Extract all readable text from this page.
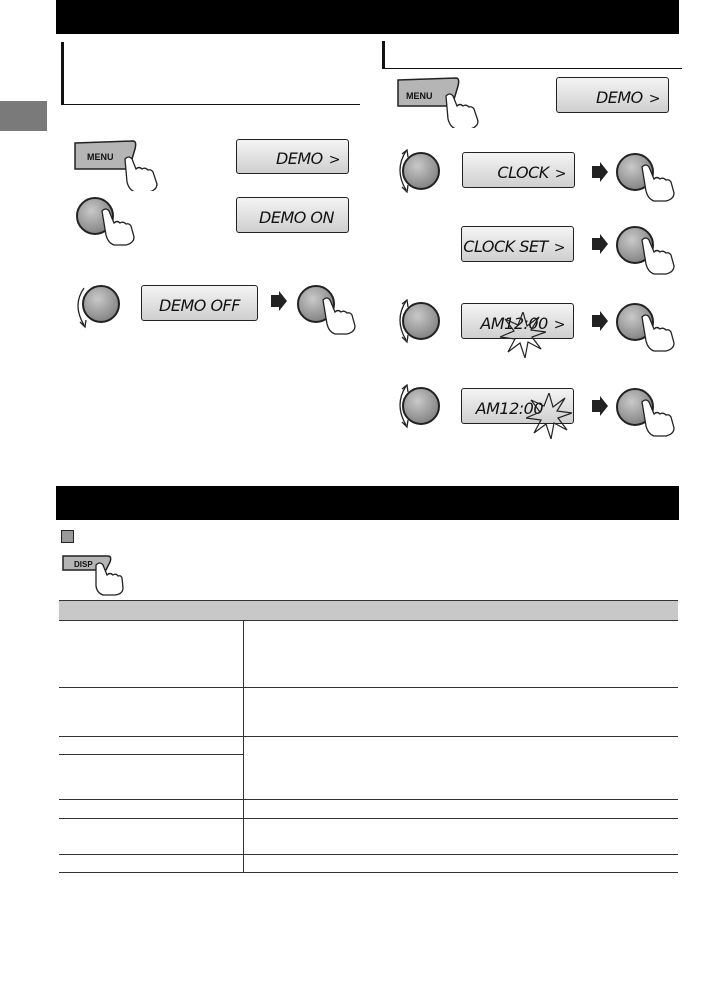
MENU	DEMO >
DEMO ON
DEMO OFF
MENU	DEMO >
CLOCK >
CLOCK SET >
AM12:00 >
AM12:00
DISP
